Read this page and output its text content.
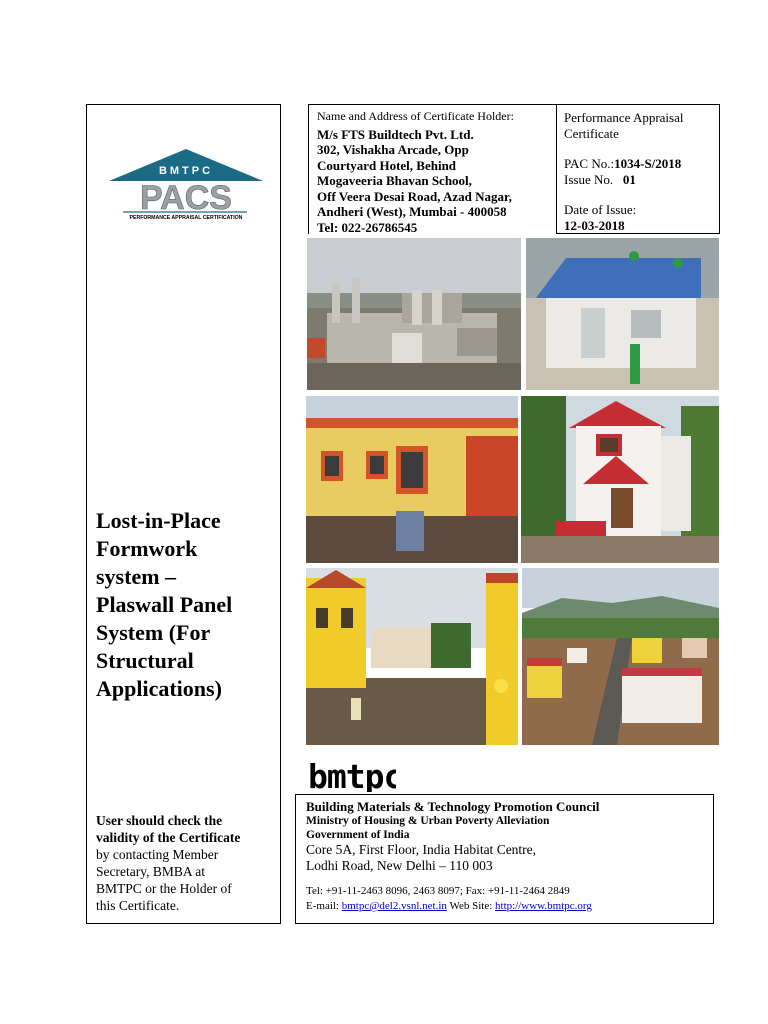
BMTPC
PACS
PERFORMANCE APPRAISAL CERTIFICATION
Lost-in-Place
Formwork
system –
Plaswall Panel
System (For
Structural
Applications)
User should check the
validity of the Certificate
by contacting Member
Secretary, BMBA at
BMTPC or the Holder of
this Certificate.
Name and Address of Certificate Holder:
M/s FTS Buildtech Pvt. Ltd.
302, Vishakha Arcade, Opp
Courtyard Hotel, Behind
Mogaveeria Bhavan School,
Off Veera Desai Road, Azad Nagar,
Andheri (West), Mumbai - 400058
Tel: 022-26786545
Performance Appraisal
Certificate
PAC No.:1034-S/2018
Issue No. 01
Date of Issue:
12-03-2018
bmtpc
Building Materials & Technology Promotion Council
Ministry of Housing & Urban Poverty Alleviation
Government of India
Core 5A, First Floor, India Habitat Centre,
Lodhi Road, New Delhi – 110 003
Tel: +91-11-2463 8096, 2463 8097; Fax: +91-11-2464 2849
E-mail: bmtpc@del2.vsnl.net.in Web Site: http://www.bmtpc.org
